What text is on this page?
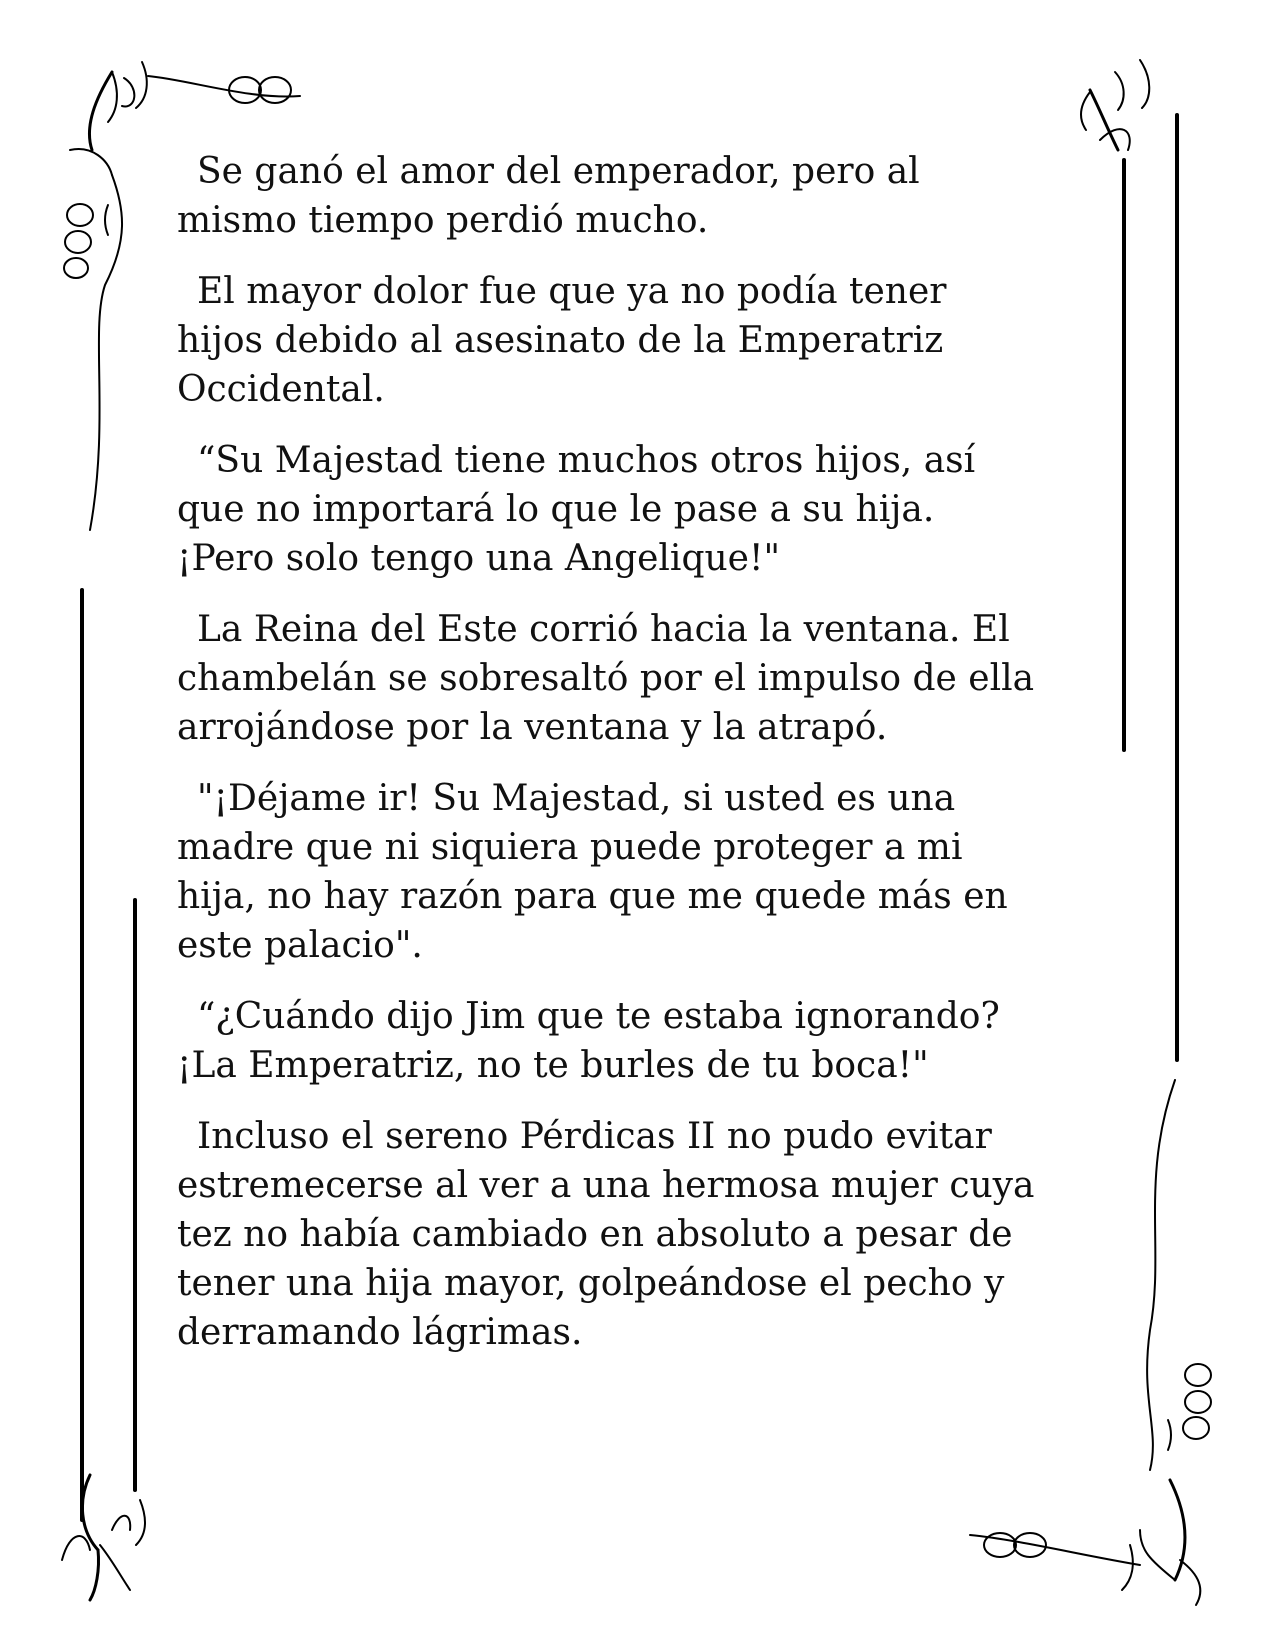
Se ganó el amor del emperador, pero al
mismo tiempo perdió mucho.

El mayor dolor fue que ya no podía tener
hijos debido al asesinato de la Emperatriz
Occidental.

“Su Majestad tiene muchos otros hijos, así
que no importará lo que le pase a su hija.
¡Pero solo tengo una Angelique!"

La Reina del Este corrió hacia la ventana. El
chambelán se sobresaltó por el impulso de ella
arrojándose por la ventana y la atrapó.

"¡Déjame ir! Su Majestad, si usted es una
madre que ni siquiera puede proteger a mi
hija, no hay razón para que me quede más en
este palacio".

“¿Cuándo dijo Jim que te estaba ignorando?
¡La Emperatriz, no te burles de tu boca!"

Incluso el sereno Pérdicas II no pudo evitar
estremecerse al ver a una hermosa mujer cuya
tez no había cambiado en absoluto a pesar de
tener una hija mayor, golpeándose el pecho y
derramando lágrimas.
